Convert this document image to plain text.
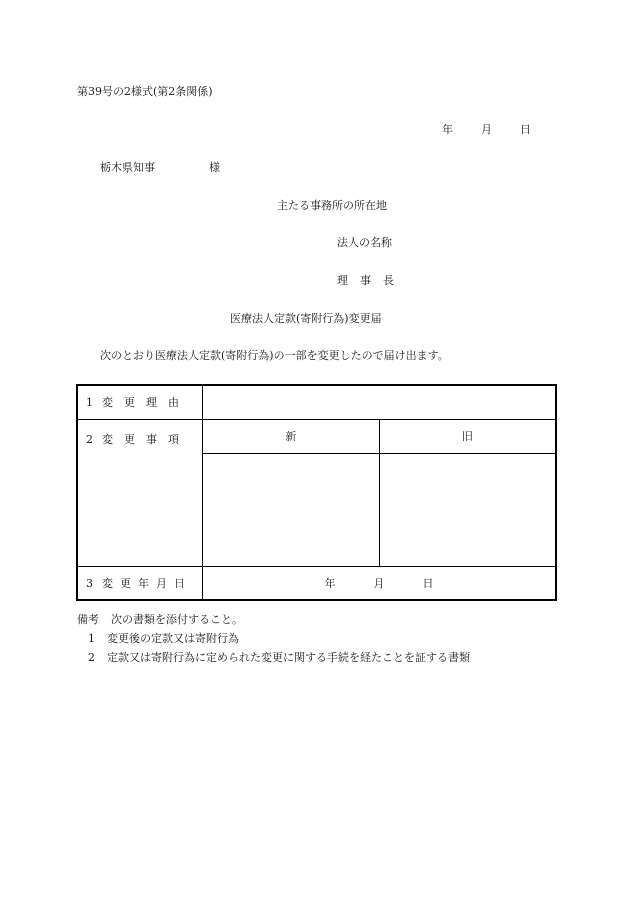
第39号の2様式(第2条関係)
年	月	日
栃木県知事	様
主たる事務所の所在地
法人の名称
理 事 長
医療法人定款(寄附行為)変更届
次のとおり医療法人定款(寄附行為)の一部を変更したので届け出ます。
1 変 更 理 由		
2 変 更 事 項	新	旧

3 変 更 年 月 日	年 月 日	
備考 次の書類を添付すること。
1 変更後の定款又は寄附行為
2 定款又は寄附行為に定められた変更に関する手続を経たことを証する書類
